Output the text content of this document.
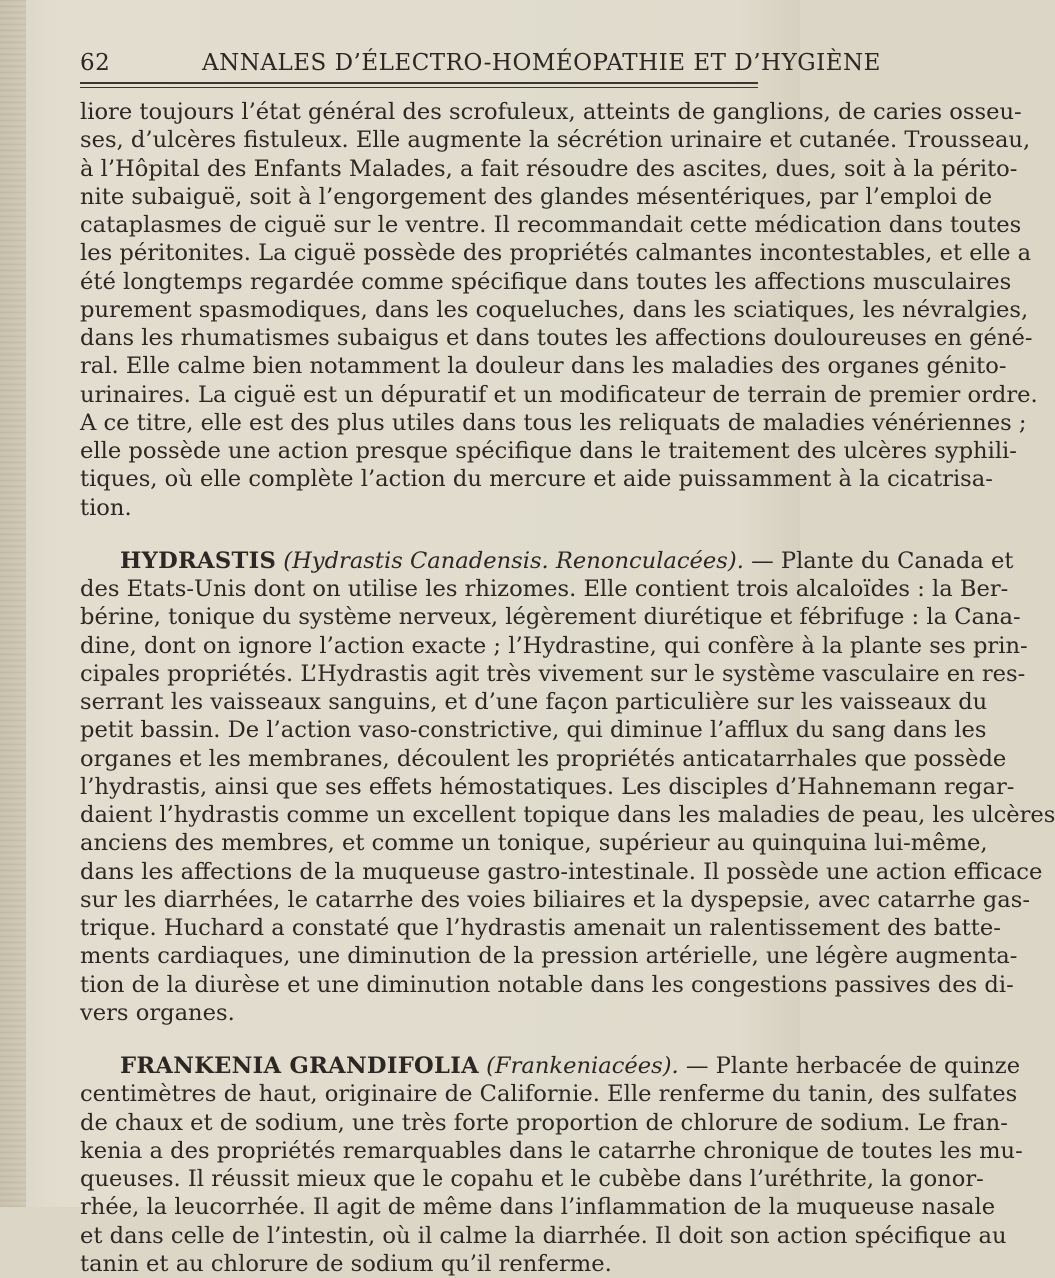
62	ANNALES D’ÉLECTRO-HOMÉOPATHIE ET D’HYGIÈNE
liore toujours l’état général des scrofuleux, atteints de ganglions, de caries osseu-
ses, d’ulcères fistuleux. Elle augmente la sécrétion urinaire et cutanée. Trousseau,
à l’Hôpital des Enfants Malades, a fait résoudre des ascites, dues, soit à la périto-
nite subaiguë, soit à l’engorgement des glandes mésentériques, par l’emploi de
cataplasmes de ciguë sur le ventre. Il recommandait cette médication dans toutes
les péritonites. La ciguë possède des propriétés calmantes incontestables, et elle a
été longtemps regardée comme spécifique dans toutes les affections musculaires
purement spasmodiques, dans les coqueluches, dans les sciatiques, les névralgies,
dans les rhumatismes subaigus et dans toutes les affections douloureuses en géné-
ral. Elle calme bien notamment la douleur dans les maladies des organes génito-
urinaires. La ciguë est un dépuratif et un modificateur de terrain de premier ordre.
A ce titre, elle est des plus utiles dans tous les reliquats de maladies vénériennes ;
elle possède une action presque spécifique dans le traitement des ulcères syphili-
tiques, où elle complète l’action du mercure et aide puissamment à la cicatrisa-
tion.
HYDRASTIS (Hydrastis Canadensis. Renonculacées). — Plante du Canada et
des Etats-Unis dont on utilise les rhizomes. Elle contient trois alcaloïdes : la Ber-
bérine, tonique du système nerveux, légèrement diurétique et fébrifuge : la Cana-
dine, dont on ignore l’action exacte ; l’Hydrastine, qui confère à la plante ses prin-
cipales propriétés. L’Hydrastis agit très vivement sur le système vasculaire en res-
serrant les vaisseaux sanguins, et d’une façon particulière sur les vaisseaux du
petit bassin. De l’action vaso-constrictive, qui diminue l’afflux du sang dans les
organes et les membranes, découlent les propriétés anticatarrhales que possède
l’hydrastis, ainsi que ses effets hémostatiques. Les disciples d’Hahnemann regar-
daient l’hydrastis comme un excellent topique dans les maladies de peau, les ulcères
anciens des membres, et comme un tonique, supérieur au quinquina lui-même,
dans les affections de la muqueuse gastro-intestinale. Il possède une action efficace
sur les diarrhées, le catarrhe des voies biliaires et la dyspepsie, avec catarrhe gas-
trique. Huchard a constaté que l’hydrastis amenait un ralentissement des batte-
ments cardiaques, une diminution de la pression artérielle, une légère augmenta-
tion de la diurèse et une diminution notable dans les congestions passives des di-
vers organes.
FRANKENIA GRANDIFOLIA (Frankeniacées). — Plante herbacée de quinze
centimètres de haut, originaire de Californie. Elle renferme du tanin, des sulfates
de chaux et de sodium, une très forte proportion de chlorure de sodium. Le fran-
kenia a des propriétés remarquables dans le catarrhe chronique de toutes les mu-
queuses. Il réussit mieux que le copahu et le cubèbe dans l’uréthrite, la gonor-
rhée, la leucorrhée. Il agit de même dans l’inflammation de la muqueuse nasale
et dans celle de l’intestin, où il calme la diarrhée. Il doit son action spécifique au
tanin et au chlorure de sodium qu’il renferme.
